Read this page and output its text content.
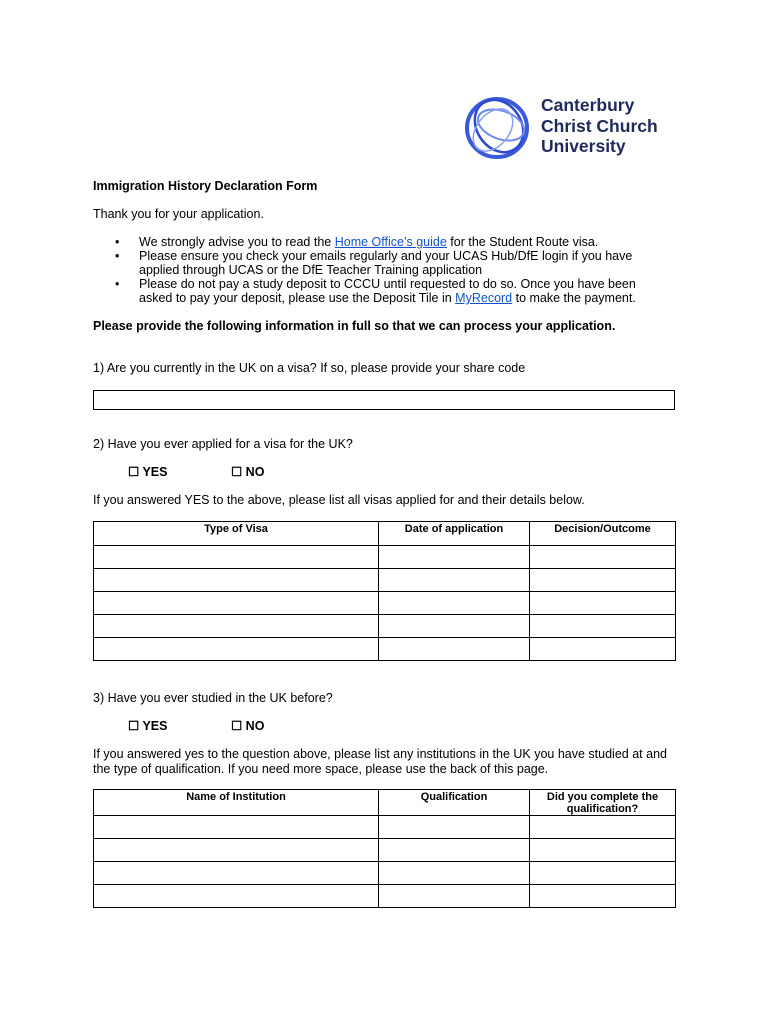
Canterbury
Christ Church
University
Immigration History Declaration Form
Thank you for your application.
• We strongly advise you to read the Home Office’s guide for the Student Route visa.
• Please ensure you check your emails regularly and your UCAS Hub/DfE login if you have applied through UCAS or the DfE Teacher Training application
• Please do not pay a study deposit to CCCU until requested to do so. Once you have been asked to pay your deposit, please use the Deposit Tile in MyRecord to make the payment.
Please provide the following information in full so that we can process your application.
1) Are you currently in the UK on a visa? If so, please provide your share code
2) Have you ever applied for a visa for the UK?
☐ YES	☐ NO
If you answered YES to the above, please list all visas applied for and their details below.
Type of Visa	Date of application	Decision/Outcome

3) Have you ever studied in the UK before?
☐ YES	☐ NO
If you answered yes to the question above, please list any institutions in the UK you have studied at and the type of qualification. If you need more space, please use the back of this page.
Name of Institution	Qualification	Did you complete the qualification?
